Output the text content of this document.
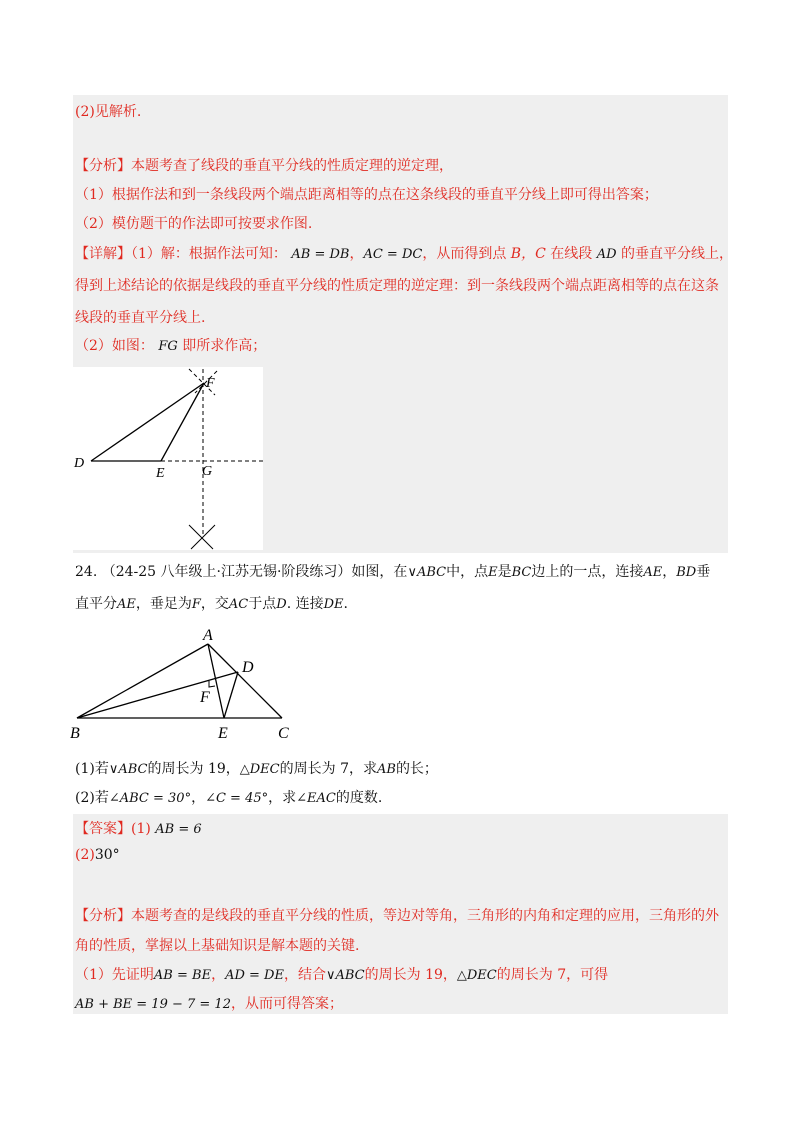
(2)见解析.
【分析】本题考查了线段的垂直平分线的性质定理的逆定理，
（1）根据作法和到一条线段两个端点距离相等的点在这条线段的垂直平分线上即可得出答案；
（2）模仿题干的作法即可按要求作图.
【详解】（1）解：根据作法可知： AB = DB，AC = DC，从而得到点 B，C 在线段 AD 的垂直平分线上，
得到上述结论的依据是线段的垂直平分线的性质定理的逆定理：到一条线段两个端点距离相等的点在这条
线段的垂直平分线上.
（2）如图： FG 即所求作高；
F
D
E	G
24. （24-25 八年级上·江苏无锡·阶段练习）如图，在∨ABC中，点E是BC边上的一点，连接AE，BD垂
直平分AE，垂足为F，交AC于点D. 连接DE.
A
B	C
D
E
F
(1)若∨ABC的周长为 19，△DEC的周长为 7，求AB的长；
(2)若∠ABC = 30°，∠C = 45°，求∠EAC的度数.
【答案】(1) AB = 6
(2)30°
【分析】本题考查的是线段的垂直平分线的性质，等边对等角，三角形的内角和定理的应用，三角形的外
角的性质，掌握以上基础知识是解本题的关键.
（1）先证明AB = BE，AD = DE，结合∨ABC的周长为 19，△DEC的周长为 7，可得
AB + BE = 19 − 7 = 12，从而可得答案；
